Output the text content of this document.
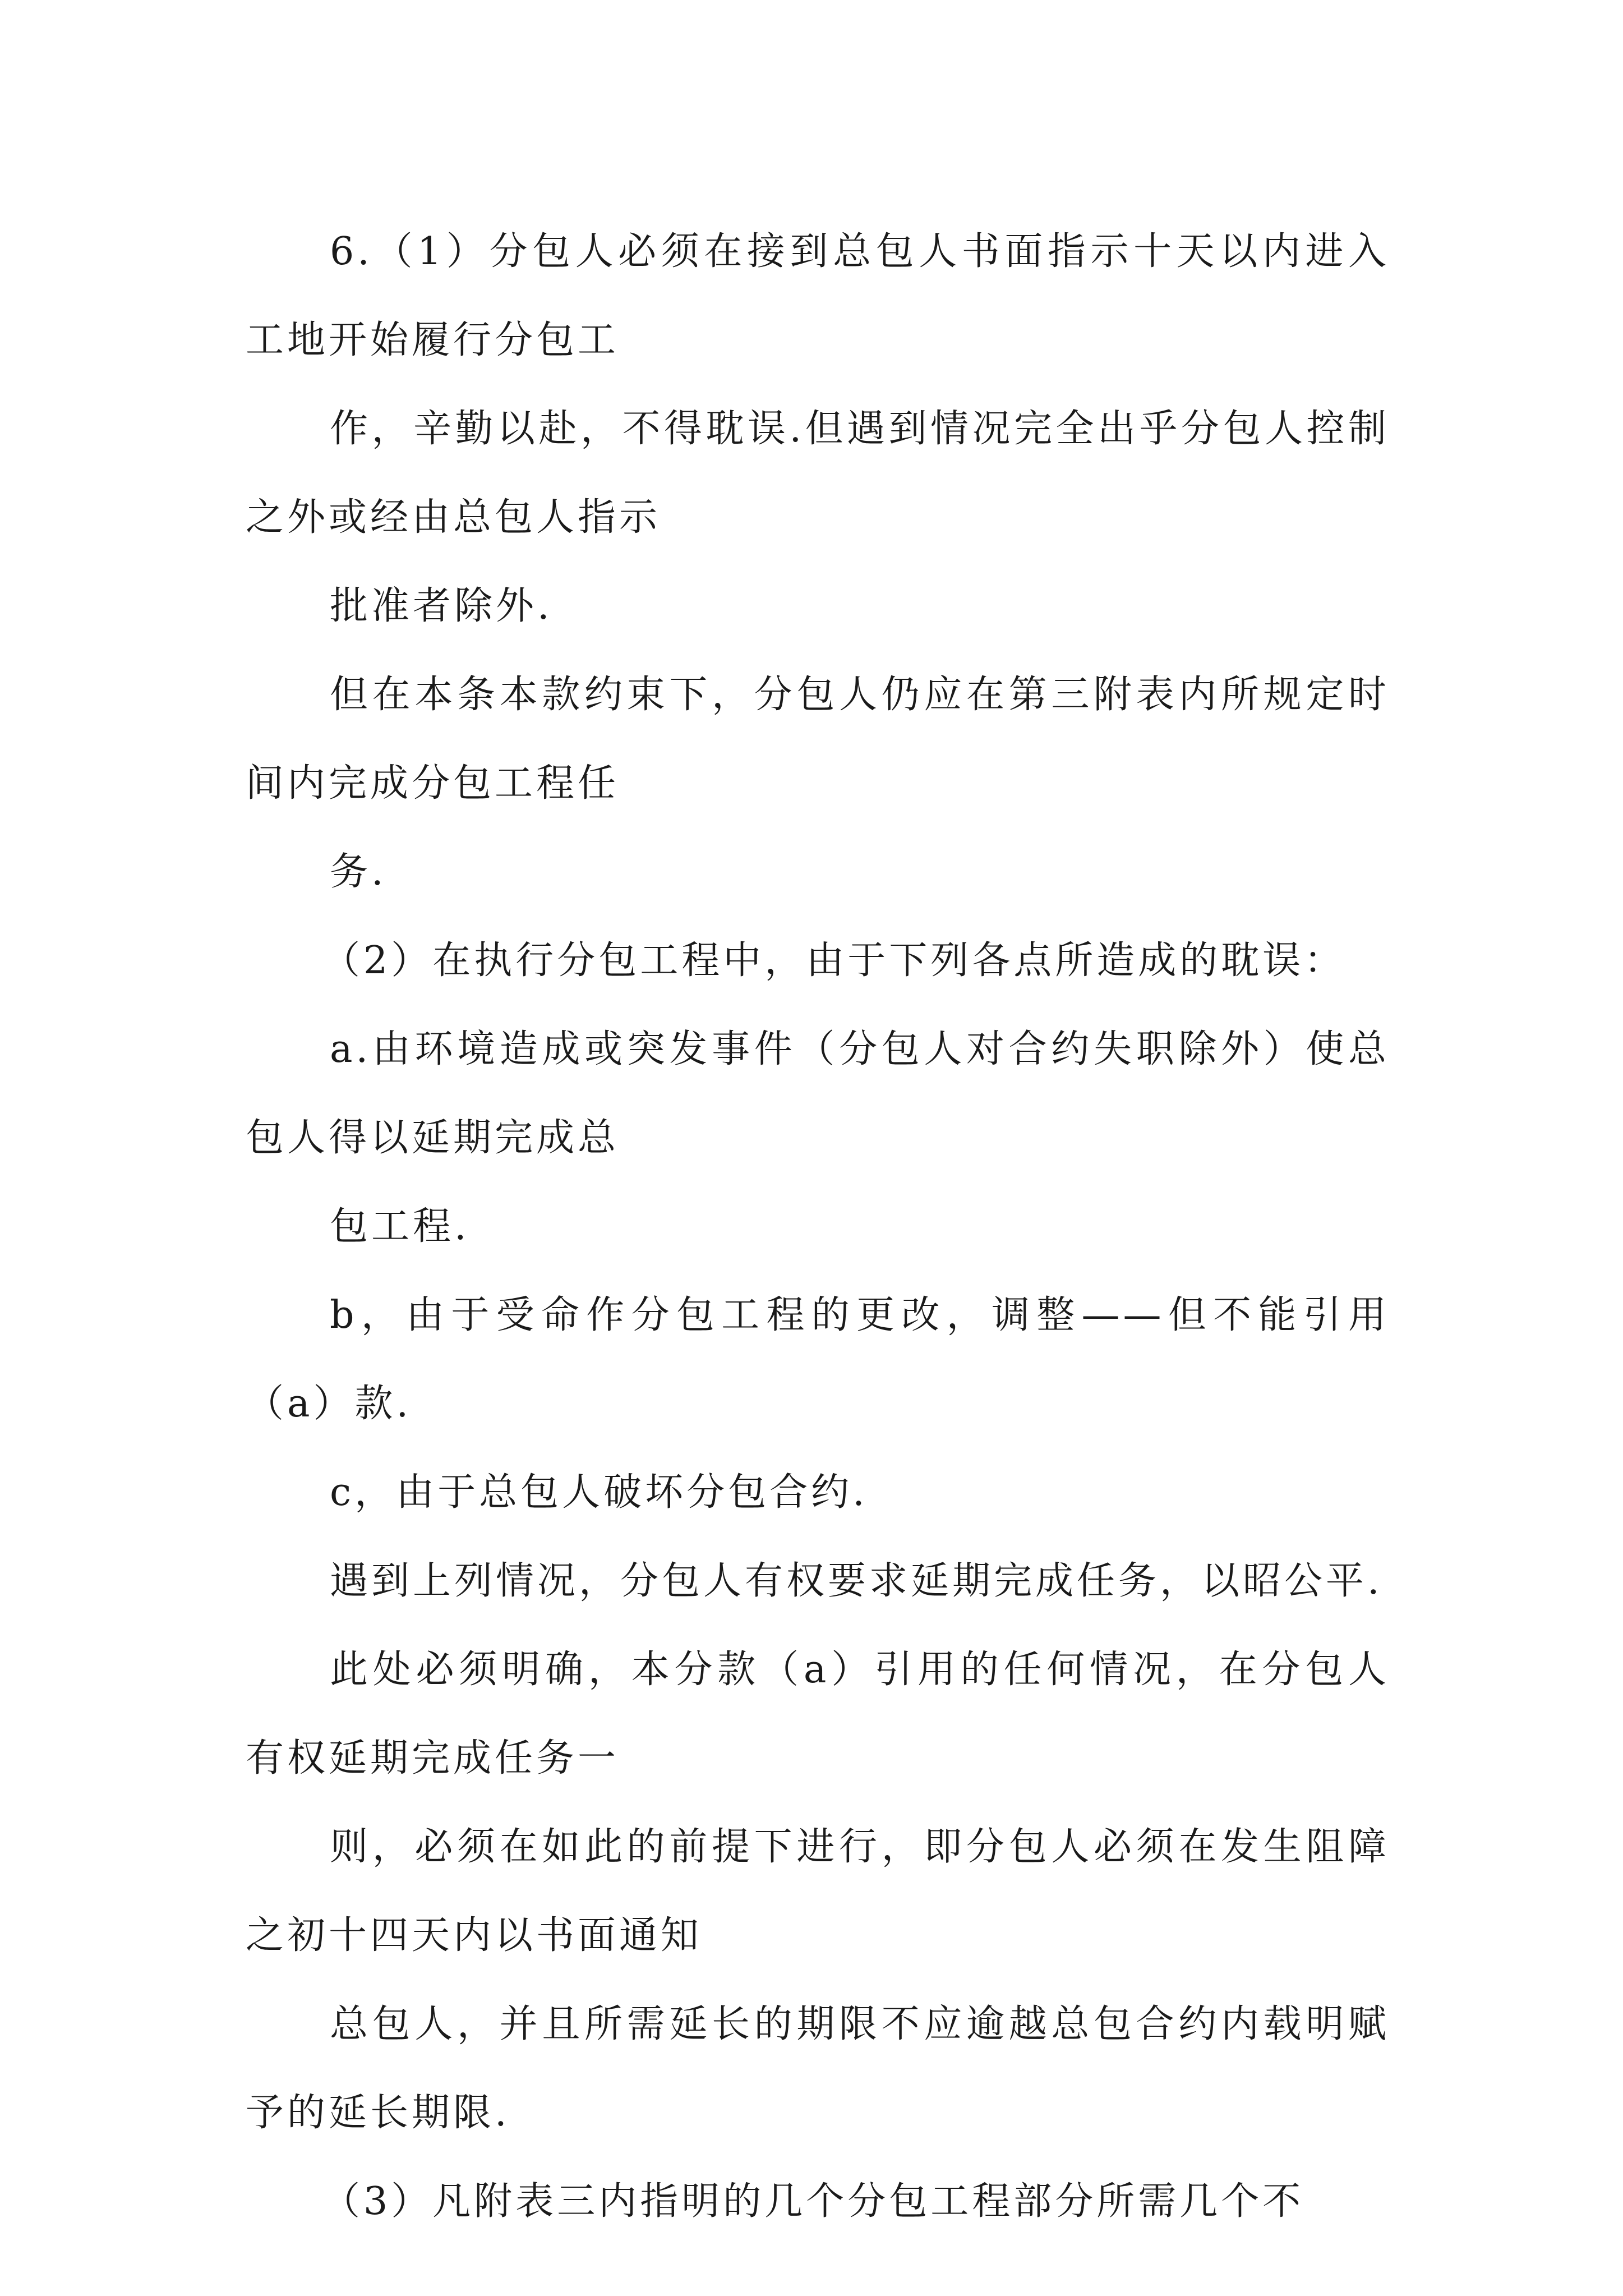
6.（1）分包人必须在接到总包人书面指示十天以内进入工地开始履行分包工

作，辛勤以赴，不得耽误.但遇到情况完全出乎分包人控制之外或经由总包人指示

批准者除外.

但在本条本款约束下，分包人仍应在第三附表内所规定时间内完成分包工程任

务.

（2）在执行分包工程中，由于下列各点所造成的耽误：

a.由环境造成或突发事件（分包人对合约失职除外）使总包人得以延期完成总

包工程.

b，由于受命作分包工程的更改，调整——但不能引用（a）款.

c，由于总包人破坏分包合约.

遇到上列情况，分包人有权要求延期完成任务，以昭公平.

此处必须明确，本分款（a）引用的任何情况，在分包人有权延期完成任务一

则，必须在如此的前提下进行，即分包人必须在发生阻障之初十四天内以书面通知

总包人，并且所需延长的期限不应逾越总包合约内载明赋予的延长期限.

（3）凡附表三内指明的几个分包工程部分所需几个不
